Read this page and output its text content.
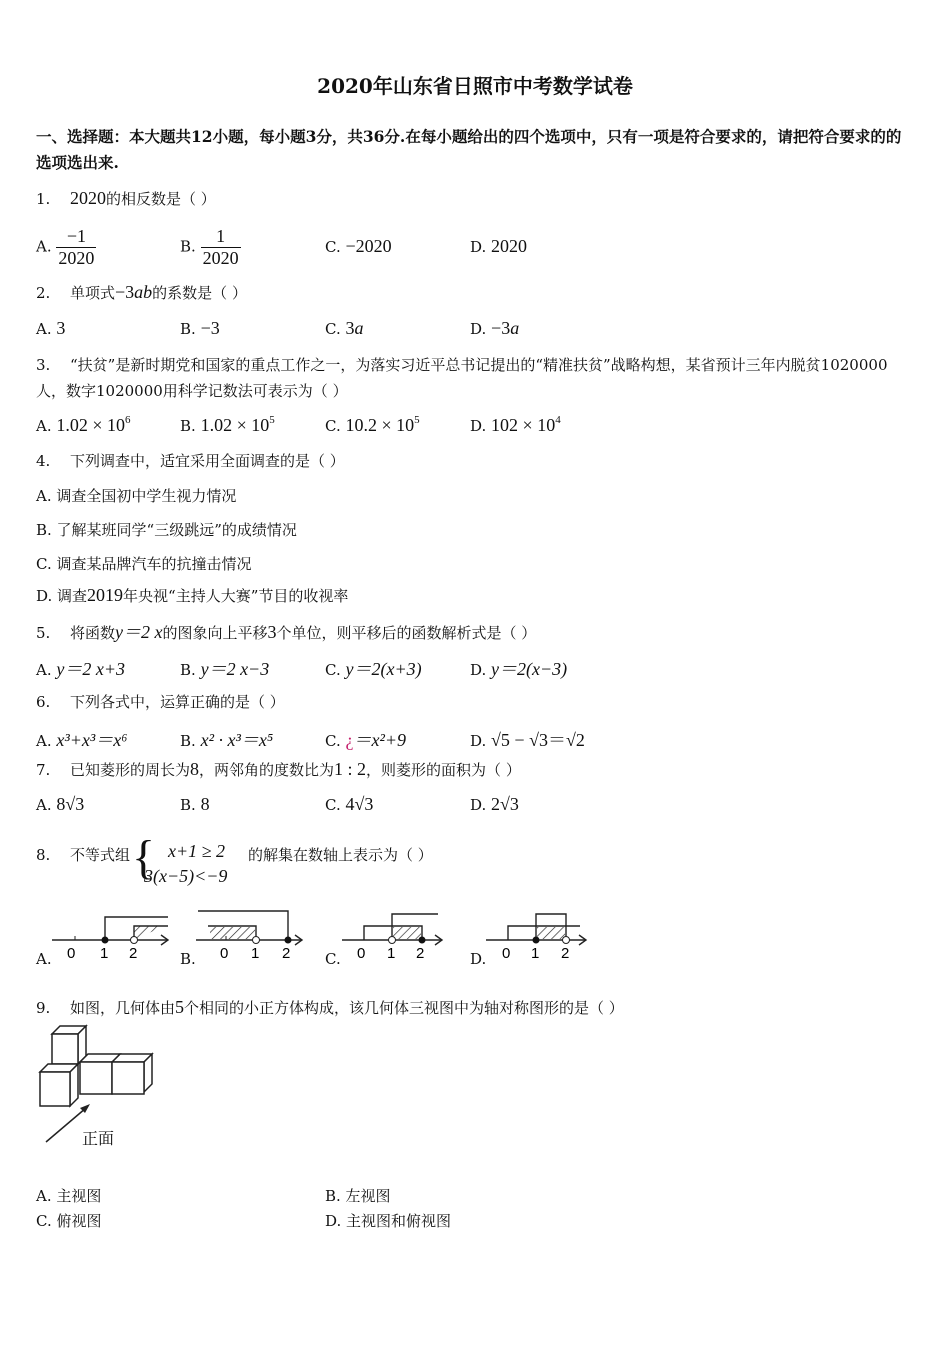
2020年山东省日照市中考数学试卷
一、选择题：本大题共12小题，每小题3分，共36分.在每小题给出的四个选项中，只有一项是符合要求的，请把符合要求的的选项选出来.
1. 2020的相反数是（ ）
A. $\frac{-1}{2020}$	B. $\frac{1}{2020}$	C. −2020	D. 2020
2. 单项式−3ab的系数是（ ）
A. 3	B. −3	C. 3a	D. −3a
3. “扶贫”是新时期党和国家的重点工作之一，为落实习近平总书记提出的“精准扶贫”战略构想，某省预计三年内脱贫1020000人，数字1020000用科学记数法可表示为（ ）
A. $1.02 \times 10^6$	B. $1.02 \times 10^5$	C. $10.2 \times 10^5$	D. $102 \times 10^4$
4. 下列调查中，适宜采用全面调查的是（ ）
A. 调查全国初中学生视力情况
B. 了解某班同学“三级跳远”的成绩情况
C. 调查某品牌汽车的抗撞击情况
D. 调查2019年央视“主持人大赛”节目的收视率
5. 将函数y＝2 x的图象向上平移3个单位，则平移后的函数解析式是（ ）
A. y＝2 x+3	B. y＝2 x−3	C. y＝2(x+3)	D. y＝2(x−3)
6. 下列各式中，运算正确的是（ ）
A. x³+x³＝x⁶	B. x² · x³＝x⁵	C. ¿＝x²+9	D. √5 − √3＝√2
7. 已知菱形的周长为8，两邻角的度数比为1 : 2，则菱形的面积为（ ）
A. 8√3	B. 8	C. 4√3	D. 2√3
8. 不等式组 { x+1 ≥ 2
3(x−5)<−9
的解集在数轴上表示为（ ）
0 1 2	0 1 2	0 1 2	0 1 2
A.	B.	C.	D.
9. 如图，几何体由5个相同的小正方体构成，该几何体三视图中为轴对称图形的是（ ）
正面
A. 主视图	B. 左视图
C. 俯视图	D. 主视图和俯视图
